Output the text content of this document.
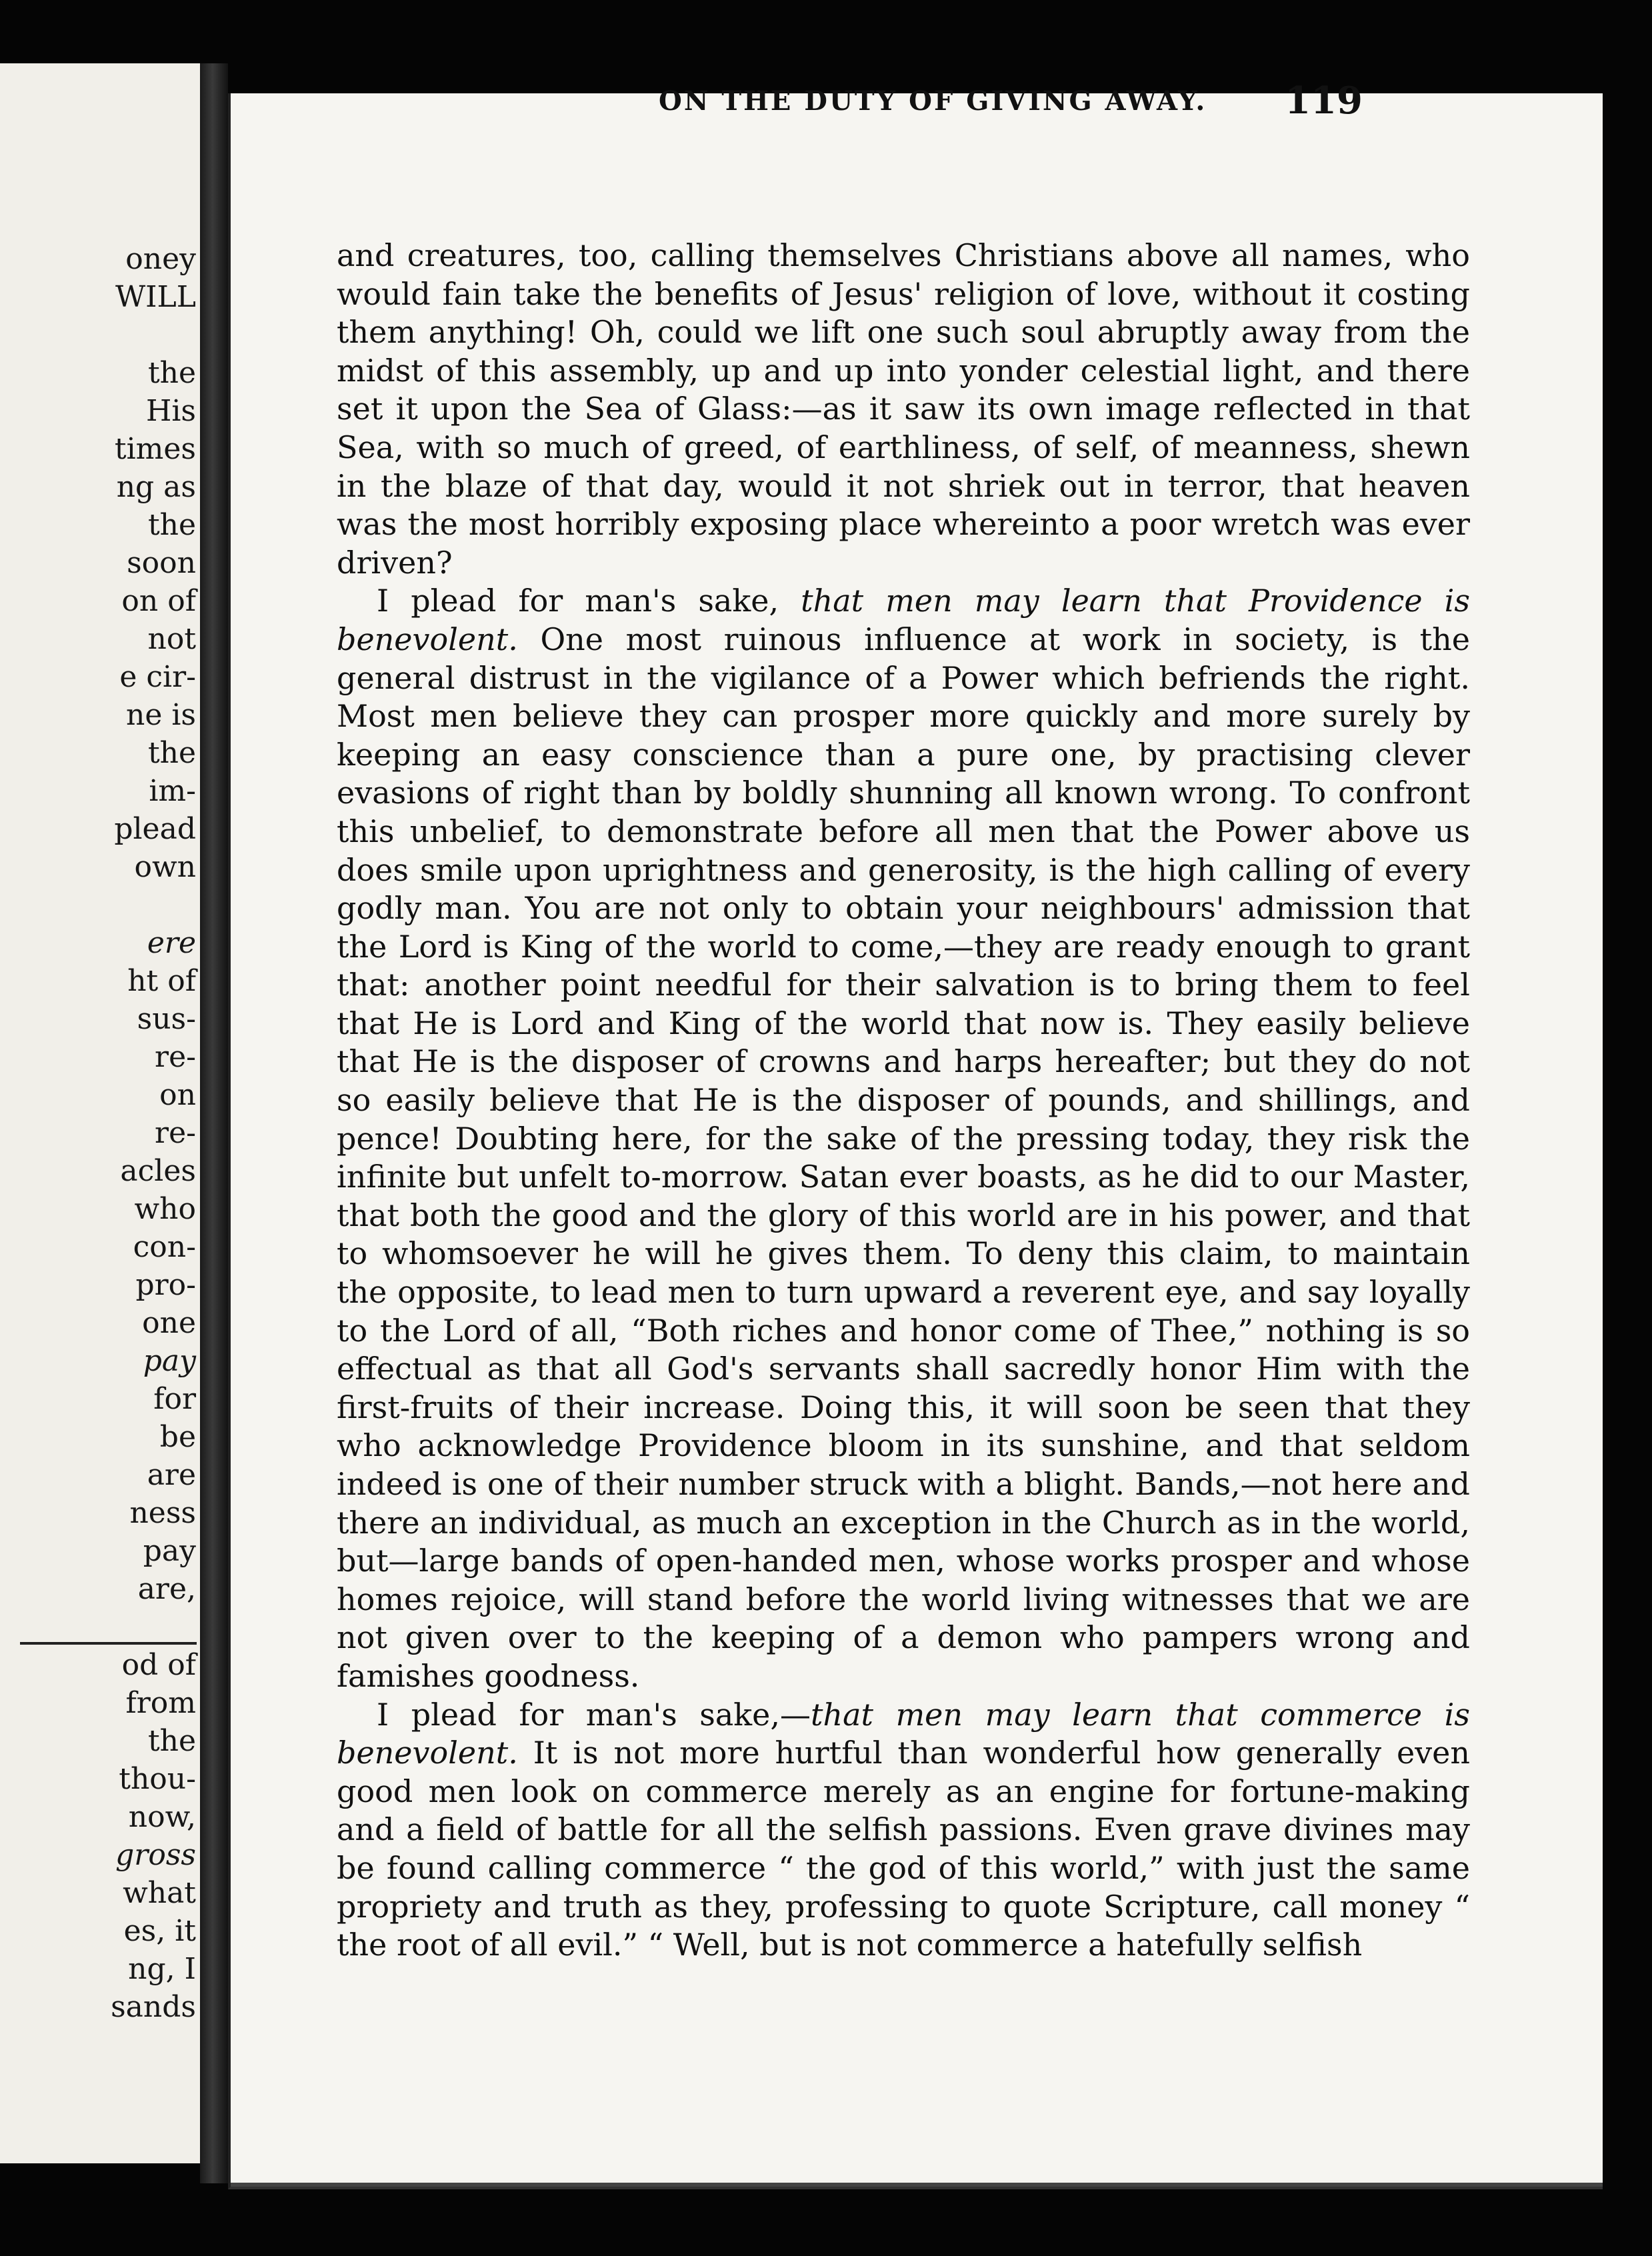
oney
WILL
the
His
times
ng as
the
soon
on of
not
e cir-
ne is
the
im-
plead
own
ere
ht of
sus-
re-
on
re-
acles
who
con-
pro-
one
pay
for
be
are
ness
pay
are,
od of
from
the
thou-
now,
gross
what
es, it
ng, I
sands
ON THE DUTY OF GIVING AWAY. 119

and creatures, too, calling themselves Christians above all names, who would fain take the benefits of Jesus' religion of love, without it costing them anything! Oh, could we lift one such soul abruptly away from the midst of this assembly, up and up into yonder celestial light, and there set it upon the Sea of Glass:—as it saw its own image reflected in that Sea, with so much of greed, of earthliness, of self, of meanness, shewn in the blaze of that day, would it not shriek out in terror, that heaven was the most horribly exposing place whereinto a poor wretch was ever driven?

I plead for man's sake, that men may learn that Providence is benevolent. One most ruinous influence at work in society, is the general distrust in the vigilance of a Power which befriends the right. Most men believe they can prosper more quickly and more surely by keeping an easy conscience than a pure one, by practising clever evasions of right than by boldly shunning all known wrong. To confront this unbelief, to demonstrate before all men that the Power above us does smile upon uprightness and generosity, is the high calling of every godly man. You are not only to obtain your neighbours' admission that the Lord is King of the world to come,—they are ready enough to grant that: another point needful for their salvation is to bring them to feel that He is Lord and King of the world that now is. They easily believe that He is the disposer of crowns and harps hereafter; but they do not so easily believe that He is the disposer of pounds, and shillings, and pence! Doubting here, for the sake of the pressing today, they risk the infinite but unfelt to-morrow. Satan ever boasts, as he did to our Master, that both the good and the glory of this world are in his power, and that to whomsoever he will he gives them. To deny this claim, to maintain the opposite, to lead men to turn upward a reverent eye, and say loyally to the Lord of all, “Both riches and honor come of Thee,” nothing is so effectual as that all God's servants shall sacredly honor Him with the first-fruits of their increase. Doing this, it will soon be seen that they who acknowledge Providence bloom in its sunshine, and that seldom indeed is one of their number struck with a blight. Bands,—not here and there an individual, as much an exception in the Church as in the world, but—large bands of open-handed men, whose works prosper and whose homes rejoice, will stand before the world living witnesses that we are not given over to the keeping of a demon who pampers wrong and famishes goodness.

I plead for man's sake,—that men may learn that commerce is benevolent. It is not more hurtful than wonderful how generally even good men look on commerce merely as an engine for fortune-making and a field of battle for all the selfish passions. Even grave divines may be found calling commerce “ the god of this world,” with just the same propriety and truth as they, professing to quote Scripture, call money “ the root of all evil.” “ Well, but is not commerce a hatefully selfish
